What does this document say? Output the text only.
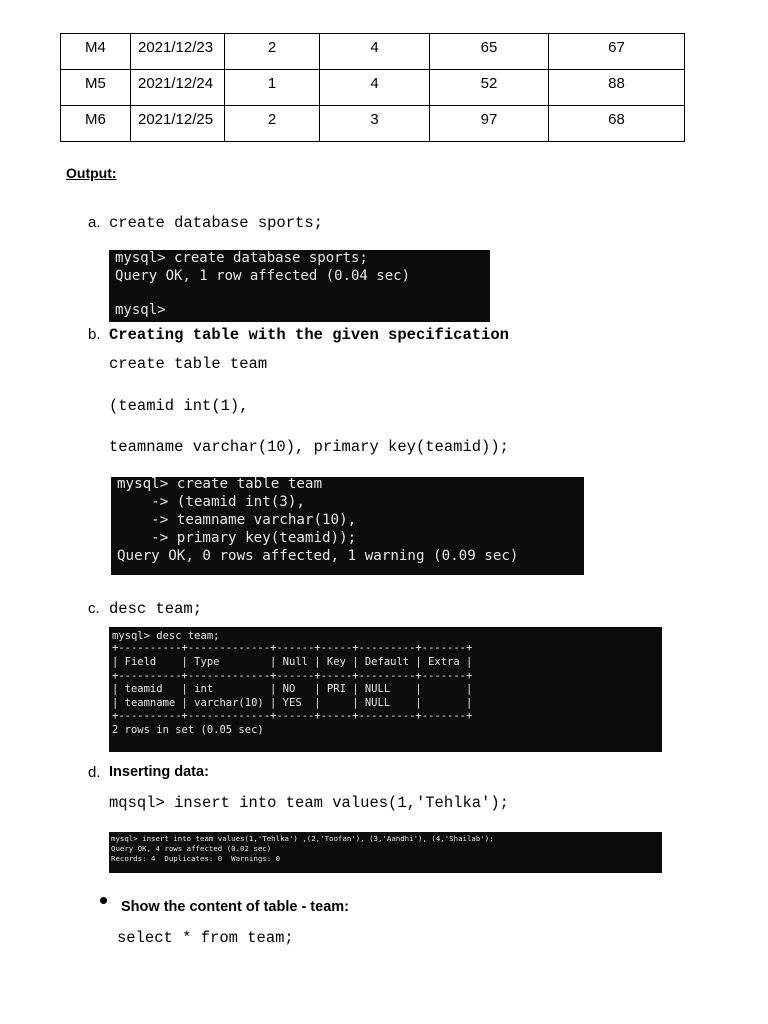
M4	2021/12/23	2	4	65	67

M5	2021/12/24	1	4	52	88

M6	2021/12/25	2	3	97	68
Output:
a. create database sports;
mysql> create database sports;
Query OK, 1 row affected (0.04 sec)
mysql>
b. Creating table with the given specification
create table team
(teamid int(1),
teamname varchar(10), primary key(teamid));
mysql> create table team
-> (teamid int(3),
-> teamname varchar(10),
-> primary key(teamid));
Query OK, 0 rows affected, 1 warning (0.09 sec)
c. desc team;
mysql> desc team;
+----------+-------------+------+-----+---------+-------+
| Field    | Type        | Null | Key | Default | Extra |
+----------+-------------+------+-----+---------+-------+
| teamid   | int         | NO   | PRI | NULL    |       |
| teamname | varchar(10) | YES  |     | NULL    |       |
+----------+-------------+------+-----+---------+-------+
2 rows in set (0.05 sec)
d. Inserting data:
mqsql> insert into team values(1,'Tehlka');
mysql> insert into team values(1,'Tehlka') ,(2,'Toofan'), (3,'Aandhi'), (4,'Shailab');
Query OK, 4 rows affected (0.02 sec)
Records: 4  Duplicates: 0  Warnings: 0
Show the content of table - team:
select * from team;
